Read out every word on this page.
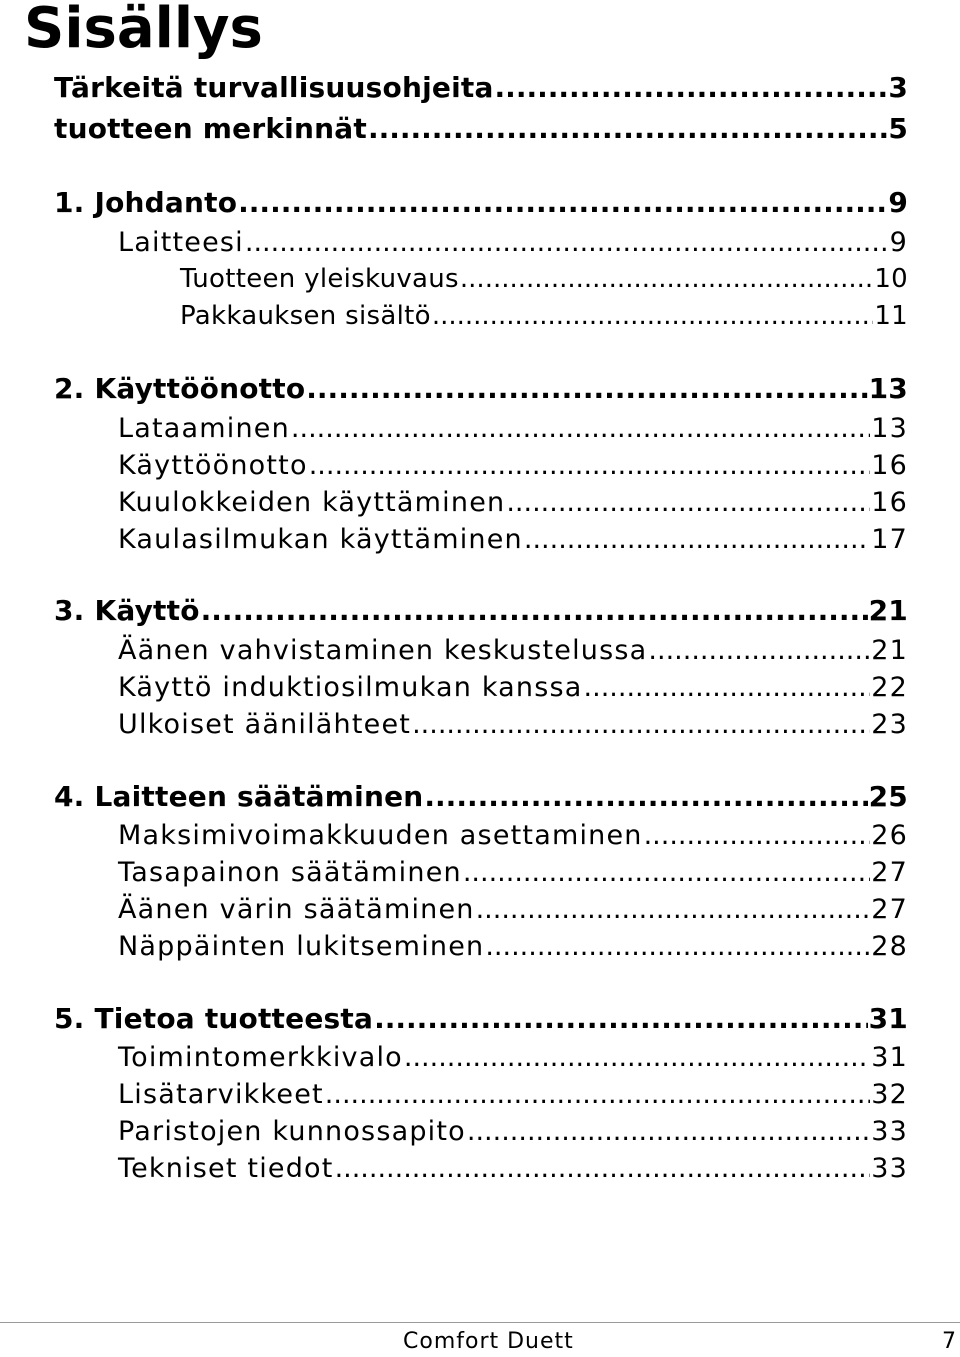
Sisällys
Tärkeitä turvallisuusohjeita .....	3
tuotteen merkinnät .....	5
1. Johdanto .....	9
Laitteesi .....	9
Tuotteen yleiskuvaus .....	10
Pakkauksen sisältö .....	11
2. Käyttöönotto .....	13
Lataaminen .....	13
Käyttöönotto .....	16
Kuulokkeiden käyttäminen .....	16
Kaulasilmukan käyttäminen .....	17
3. Käyttö .....	21
Äänen vahvistaminen keskustelussa .....	21
Käyttö induktiosilmukan kanssa .....	22
Ulkoiset äänilähteet .....	23
4. Laitteen säätäminen .....	25
Maksimivoimakkuuden asettaminen .....	26
Tasapainon säätäminen .....	27
Äänen värin säätäminen .....	27
Näppäinten lukitseminen .....	28
5. Tietoa tuotteesta .....	31
Toimintomerkkivalo .....	31
Lisätarvikkeet .....	32
Paristojen kunnossapito .....	33
Tekniset tiedot .....	33
Comfort Duett	7
